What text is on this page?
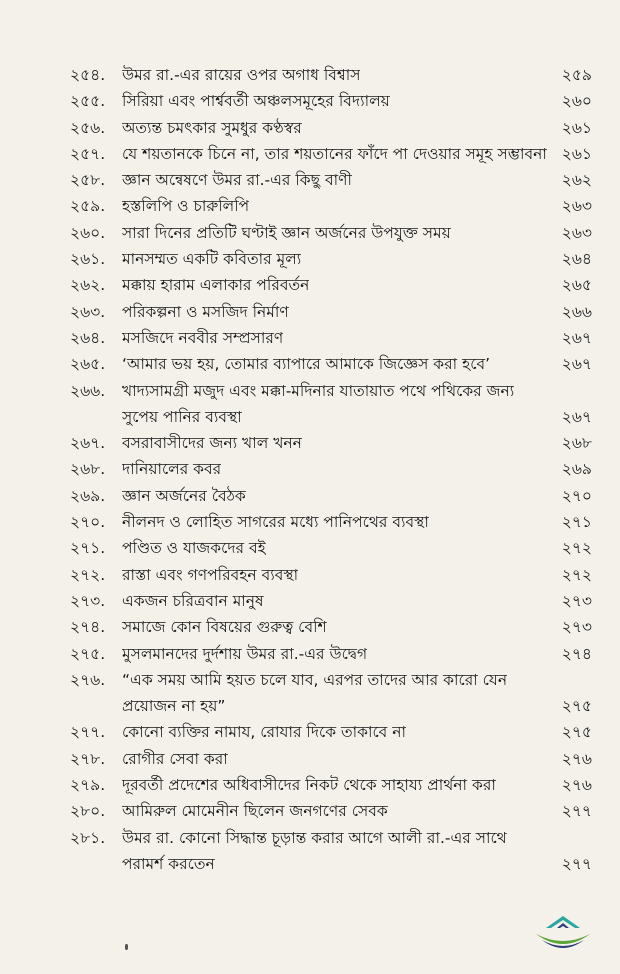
২৫৪.	উমর রা.-এর রায়ের ওপর অগাধ বিশ্বাস	২৫৯
২৫৫.	সিরিয়া এবং পার্শ্ববর্তী অঞ্চলসমূহের বিদ্যালয়	২৬০
২৫৬.	অত্যন্ত চমৎকার সুমধুর কণ্ঠস্বর	২৬১
২৫৭.	যে শয়তানকে চিনে না, তার শয়তানের ফাঁদে পা দেওয়ার সমূহ সম্ভাবনা ২৬১
২৫৮.	জ্ঞান অন্বেষণে উমর রা.-এর কিছু বাণী	২৬২
২৫৯.	হস্তলিপি ও চারুলিপি	২৬৩
২৬০.	সারা দিনের প্রতিটি ঘণ্টাই জ্ঞান অর্জনের উপযুক্ত সময়	২৬৩
২৬১.	মানসম্মত একটি কবিতার মূল্য	২৬৪
২৬২.	মক্কায় হারাম এলাকার পরিবর্তন	২৬৫
২৬৩.	পরিকল্পনা ও মসজিদ নির্মাণ	২৬৬
২৬৪.	মসজিদে নববীর সম্প্রসারণ	২৬৭
২৬৫.	‘আমার ভয় হয়, তোমার ব্যাপারে আমাকে জিজ্ঞেস করা হবে’	২৬৭
২৬৬.	খাদ্যসামগ্রী মজুদ এবং মক্কা-মদিনার যাতায়াত পথে পথিকের জন্য
সুপেয় পানির ব্যবস্থা	২৬৭
২৬৭.	বসরাবাসীদের জন্য খাল খনন	২৬৮
২৬৮.	দানিয়ালের কবর	২৬৯
২৬৯.	জ্ঞান অর্জনের বৈঠক	২৭০
২৭০.	নীলনদ ও লোহিত সাগরের মধ্যে পানিপথের ব্যবস্থা	২৭১
২৭১.	পণ্ডিত ও যাজকদের বই	২৭২
২৭২.	রাস্তা এবং গণপরিবহন ব্যবস্থা	২৭২
২৭৩.	একজন চরিত্রবান মানুষ	২৭৩
২৭৪.	সমাজে কোন বিষয়ের গুরুত্ব বেশি	২৭৩
২৭৫.	মুসলমানদের দুর্দশায় উমর রা.-এর উদ্বেগ	২৭৪
২৭৬.	“এক সময় আমি হয়ত চলে যাব, এরপর তাদের আর কারো যেন
প্রয়োজন না হয়”	২৭৫
২৭৭.	কোনো ব্যক্তির নামায, রোযার দিকে তাকাবে না	২৭৫
২৭৮.	রোগীর সেবা করা	২৭৬
২৭৯.	দূরবর্তী প্রদেশের অধিবাসীদের নিকট থেকে সাহায্য প্রার্থনা করা	২৭৬
২৮০.	আমিরুল মোমেনীন ছিলেন জনগণের সেবক	২৭৭
২৮১.	উমর রা. কোনো সিদ্ধান্ত চূড়ান্ত করার আগে আলী রা.-এর সাথে
পরামর্শ করতেন	২৭৭
